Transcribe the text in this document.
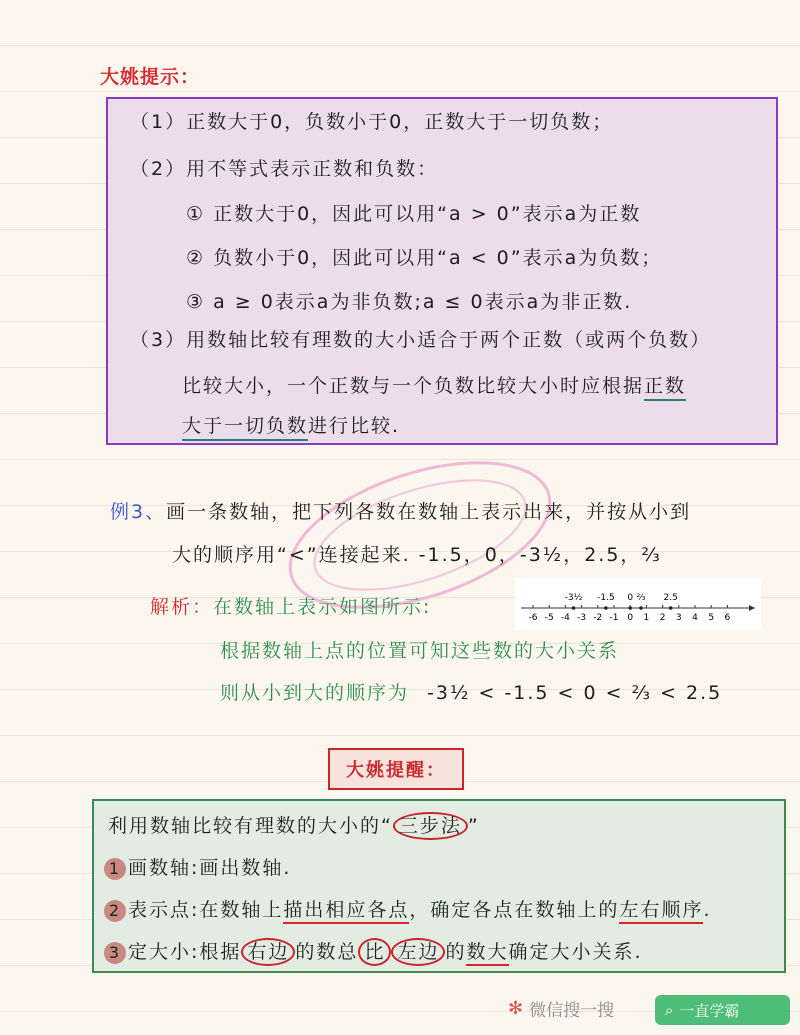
大姚提示：
（1）正数大于0，负数小于0，正数大于一切负数；
（2）用不等式表示正数和负数：
① 正数大于0，因此可以用“a > 0”表示a为正数
② 负数小于0，因此可以用“a < 0”表示a为负数；
③ a ≥ 0表示a为非负数;a ≤ 0表示a为非正数.
（3）用数轴比较有理数的大小适合于两个正数（或两个负数）
比较大小，一个正数与一个负数比较大小时应根据正数
大于一切负数进行比较.
例3、画一条数轴，把下列各数在数轴上表示出来，并按从小到
大的顺序用“<”连接起来. -1.5，0，-3½，2.5，⅔
解析：在数轴上表示如图所示:
根据数轴上点的位置可知这些数的大小关系
则从小到大的顺序为 -3½ < -1.5 < 0 < ⅔ < 2.5
-6 -5 -4 -3 -2 -1 0 1 2 3 4 5 6
-3½ -1.5 0 ⅔ 2.5
大姚提醒：
利用数轴比较有理数的大小的“ 三步法 ”
1 画数轴:画出数轴.
2 表示点:在数轴上描出相应各点，确定各点在数轴上的左右顺序.
3 定大小:根据 右边 的数总 比 左边 的数大确定大小关系.
✻ 微信搜一搜	⌕ 一直学霸
